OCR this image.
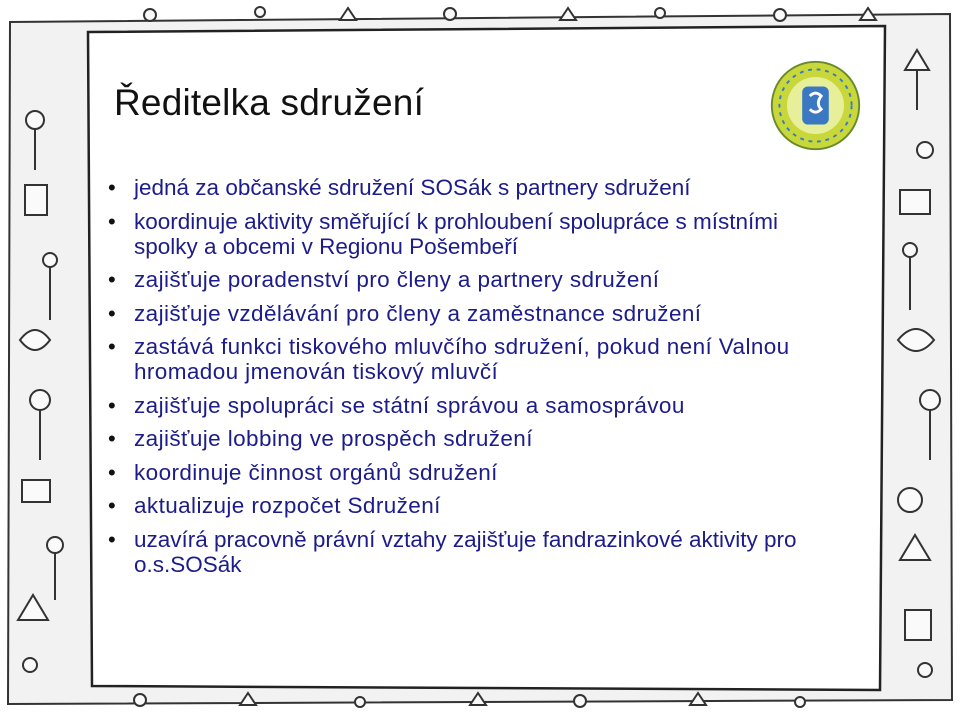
Ředitelka sdružení
• jedná za občanské sdružení SOSák s partnery sdružení
• koordinuje aktivity směřující k prohloubení spolupráce s místními spolky a obcemi v Regionu Pošembeří
• zajišťuje poradenství pro členy a partnery sdružení
• zajišťuje vzdělávání pro členy a zaměstnance sdružení
• zastává funkci tiskového mluvčího sdružení, pokud není Valnou hromadou jmenován tiskový mluvčí
• zajišťuje spolupráci se státní správou a samosprávou
• zajišťuje lobbing ve prospěch sdružení
• koordinuje činnost orgánů sdružení
• aktualizuje rozpočet Sdružení
• uzavírá pracovně právní vztahy zajišťuje fandrazinkové aktivity pro o.s.SOSák
